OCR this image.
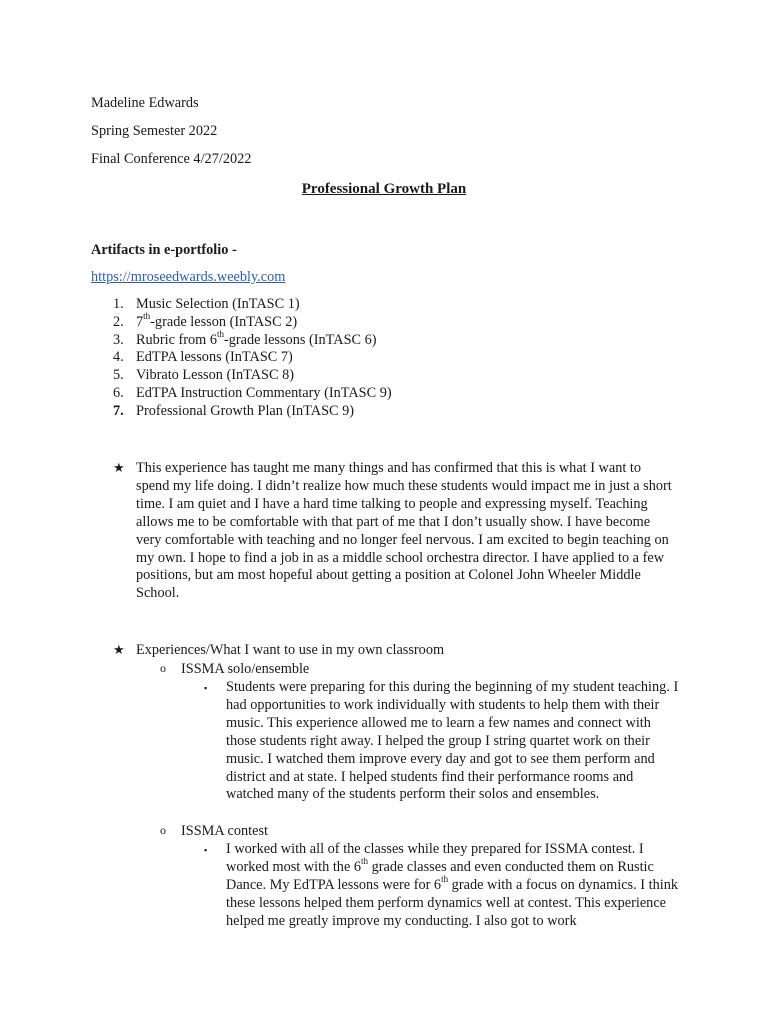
Madeline Edwards
Spring Semester 2022
Final Conference 4/27/2022
Professional Growth Plan
Artifacts in e-portfolio -
https://mroseedwards.weebly.com
1. Music Selection (InTASC 1)
2. 7th-grade lesson (InTASC 2)
3. Rubric from 6th-grade lessons (InTASC 6)
4. EdTPA lessons (InTASC 7)
5. Vibrato Lesson (InTASC 8)
6. EdTPA Instruction Commentary (InTASC 9)
7. Professional Growth Plan (InTASC 9)
★ This experience has taught me many things and has confirmed that this is what I want to spend my life doing. I didn’t realize how much these students would impact me in just a short time. I am quiet and I have a hard time talking to people and expressing myself. Teaching allows me to be comfortable with that part of me that I don’t usually show. I have become very comfortable with teaching and no longer feel nervous. I am excited to begin teaching on my own. I hope to find a job in as a middle school orchestra director. I have applied to a few positions, but am most hopeful about getting a position at Colonel John Wheeler Middle School.
★ Experiences/What I want to use in my own classroom
o ISSMA solo/ensemble
▪ Students were preparing for this during the beginning of my student teaching. I had opportunities to work individually with students to help them with their music. This experience allowed me to learn a few names and connect with those students right away. I helped the group I string quartet work on their music. I watched them improve every day and got to see them perform and district and at state. I helped students find their performance rooms and watched many of the students perform their solos and ensembles.
o ISSMA contest
▪ I worked with all of the classes while they prepared for ISSMA contest. I worked most with the 6th grade classes and even conducted them on Rustic Dance. My EdTPA lessons were for 6th grade with a focus on dynamics. I think these lessons helped them perform dynamics well at contest. This experience helped me greatly improve my conducting. I also got to work
